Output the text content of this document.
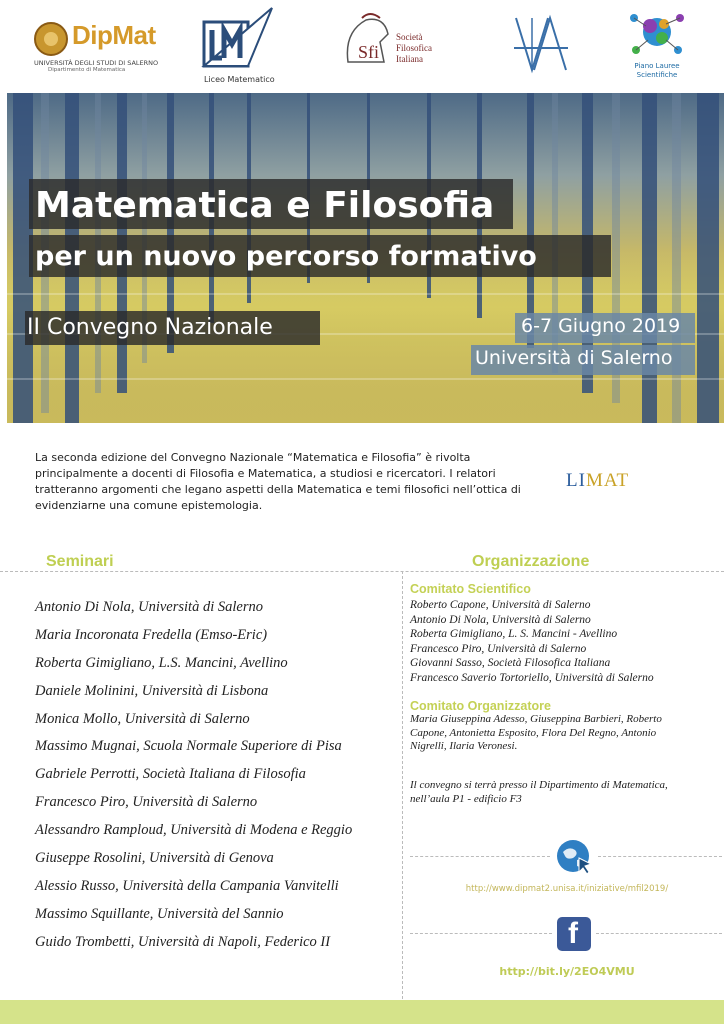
DipMat
UNIVERSITÀ DEGLI STUDI DI SALERNO
Dipartimento di Matematica
Liceo Matematico
Sfi
Società
Filosofica
Italiana
Piano Lauree
Scientifiche
Matematica e Filosofia
per un nuovo percorso formativo
II Convegno Nazionale	6-7 Giugno 2019
Università di Salerno
La seconda edizione del Convegno Nazionale “Matematica e Filosofia” è rivolta principalmente a docenti di Filosofia e Matematica, a studiosi e ricercatori. I relatori tratteranno argomenti che legano aspetti della Matematica e temi filosofici nell’ottica di evidenziarne una comune epistemologia.
LIMAT
Seminari	Organizzazione
Antonio Di Nola, Università di Salerno
Maria Incoronata Fredella (Emso-Eric)
Roberta Gimigliano, L.S. Mancini, Avellino
Daniele Molinini, Università di Lisbona
Monica Mollo, Università di Salerno
Massimo Mugnai, Scuola Normale Superiore di Pisa
Gabriele Perrotti, Società Italiana di Filosofia
Francesco Piro, Università di Salerno
Alessandro Ramploud, Università di Modena e Reggio
Giuseppe Rosolini, Università di Genova
Alessio Russo, Università della Campania Vanvitelli
Massimo Squillante, Università del Sannio
Guido Trombetti, Università di Napoli, Federico II
Comitato Scientifico
Roberto Capone, Università di Salerno
Antonio Di Nola, Università di Salerno
Roberta Gimigliano, L. S. Mancini - Avellino
Francesco Piro, Università di Salerno
Giovanni Sasso, Società Filosofica Italiana
Francesco Saverio Tortoriello, Università di Salerno
Comitato Organizzatore
Maria Giuseppina Adesso, Giuseppina Barbieri, Roberto Capone, Antonietta Esposito, Flora Del Regno, Antonio Nigrelli, Ilaria Veronesi.
Il convegno si terrà presso il Dipartimento di Matematica, nell’aula P1 - edificio F3
http://www.dipmat2.unisa.it/iniziative/mfil2019/
f
http://bit.ly/2EO4VMU
